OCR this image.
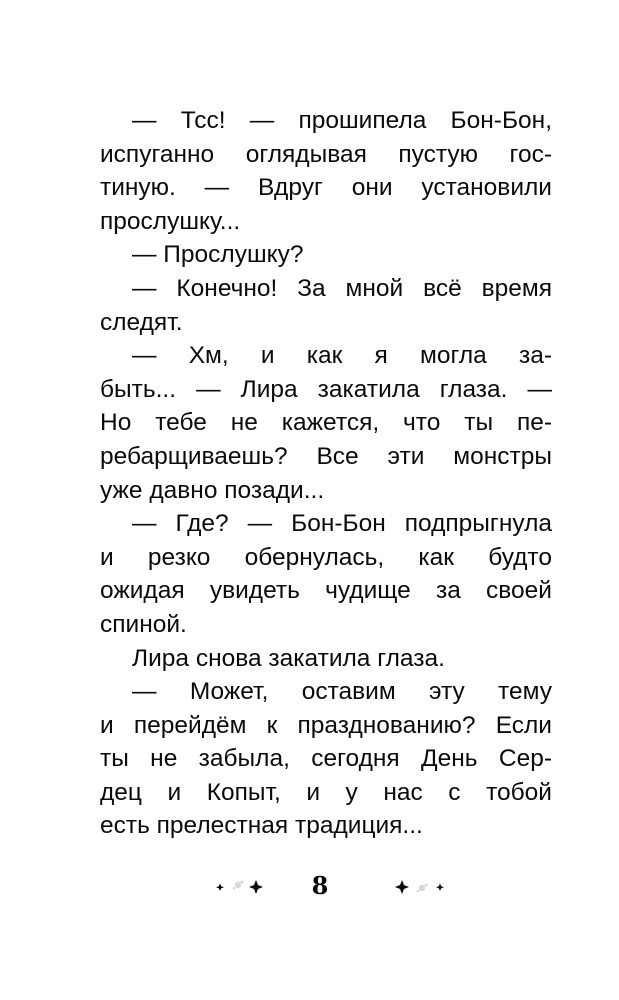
— Тсс! — прошипела Бон-Бон,
испуганно оглядывая пустую гос-
тиную. — Вдруг они установили
прослушку...

— Прослушку?

— Конечно! За мной всё время
следят.

— Хм, и как я могла за-
быть... — Лира закатила глаза. —
Но тебе не кажется, что ты пе-
ребарщиваешь? Все эти монстры
уже давно позади...

— Где? — Бон-Бон подпрыгнула
и резко обернулась, как будто
ожидая увидеть чудище за своей
спиной.

Лира снова закатила глаза.

— Может, оставим эту тему
и перейдём к празднованию? Если
ты не забыла, сегодня День Сер-
дец и Копыт, и у нас с тобой
есть прелестная традиция...

8
